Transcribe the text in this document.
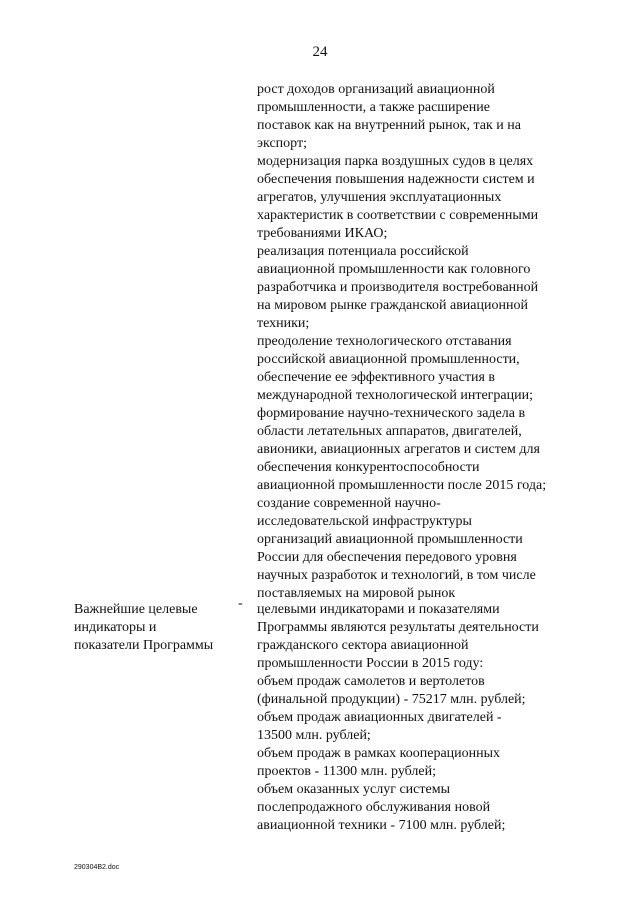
24
рост доходов организаций авиационной
промышленности, а также расширение
поставок как на внутренний рынок, так и на
экспорт;
модернизация парка воздушных судов в целях
обеспечения повышения надежности систем и
агрегатов, улучшения эксплуатационных
характеристик в соответствии с современными
требованиями ИКАО;
реализация потенциала российской
авиационной промышленности как головного
разработчика и производителя востребованной
на мировом рынке гражданской авиационной
техники;
преодоление технологического отставания
российской авиационной промышленности,
обеспечение ее эффективного участия в
международной технологической интеграции;
формирование научно-технического задела в
области летательных аппаратов, двигателей,
авионики, авиационных агрегатов и систем для
обеспечения конкурентоспособности
авиационной промышленности после 2015 года;
создание современной научно-
исследовательской инфраструктуры
организаций авиационной промышленности
России для обеспечения передового уровня
научных разработок и технологий, в том числе
поставляемых на мировой рынок
Важнейшие целевые
индикаторы и
показатели Программы
- целевыми индикаторами и показателями
Программы являются результаты деятельности
гражданского сектора авиационной
промышленности России в 2015 году:
объем продаж самолетов и вертолетов
(финальной продукции) - 75217 млн. рублей;
объем продаж авиационных двигателей -
13500 млн. рублей;
объем продаж в рамках кооперационных
проектов - 11300 млн. рублей;
объем оказанных услуг системы
послепродажного обслуживания новой
авиационной техники - 7100 млн. рублей;
290304B2.doc
